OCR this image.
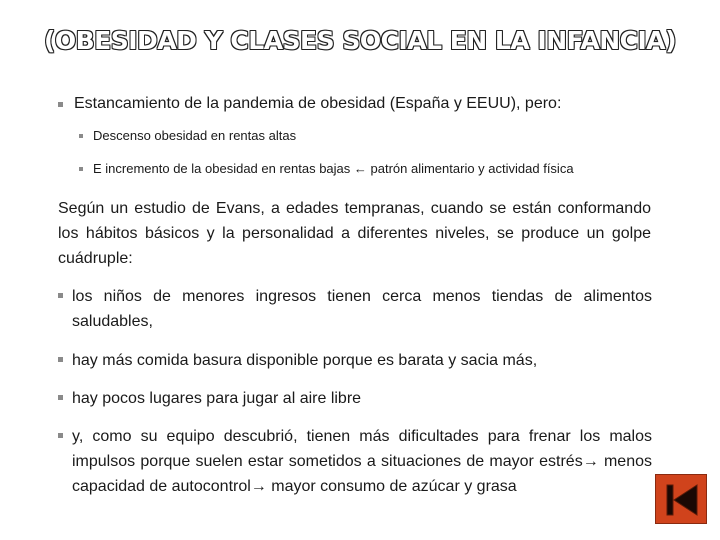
(OBESIDAD Y CLASES SOCIAL EN LA INFANCIA)
Estancamiento de la pandemia de obesidad (España y EEUU), pero:
Descenso obesidad en rentas altas
E incremento de la obesidad en rentas bajas ← patrón alimentario y actividad física
Según un estudio de Evans, a edades tempranas, cuando se están conformando los hábitos básicos y la personalidad a diferentes niveles, se produce un golpe cuádruple:
los niños de menores ingresos tienen cerca menos tiendas de alimentos saludables,
hay más comida basura disponible porque es barata y sacia más,
hay pocos lugares para jugar al aire libre
y, como su equipo descubrió, tienen más dificultades para frenar los malos impulsos porque suelen estar sometidos a situaciones de mayor estrés→ menos capacidad de autocontrol→ mayor consumo de azúcar y grasa
